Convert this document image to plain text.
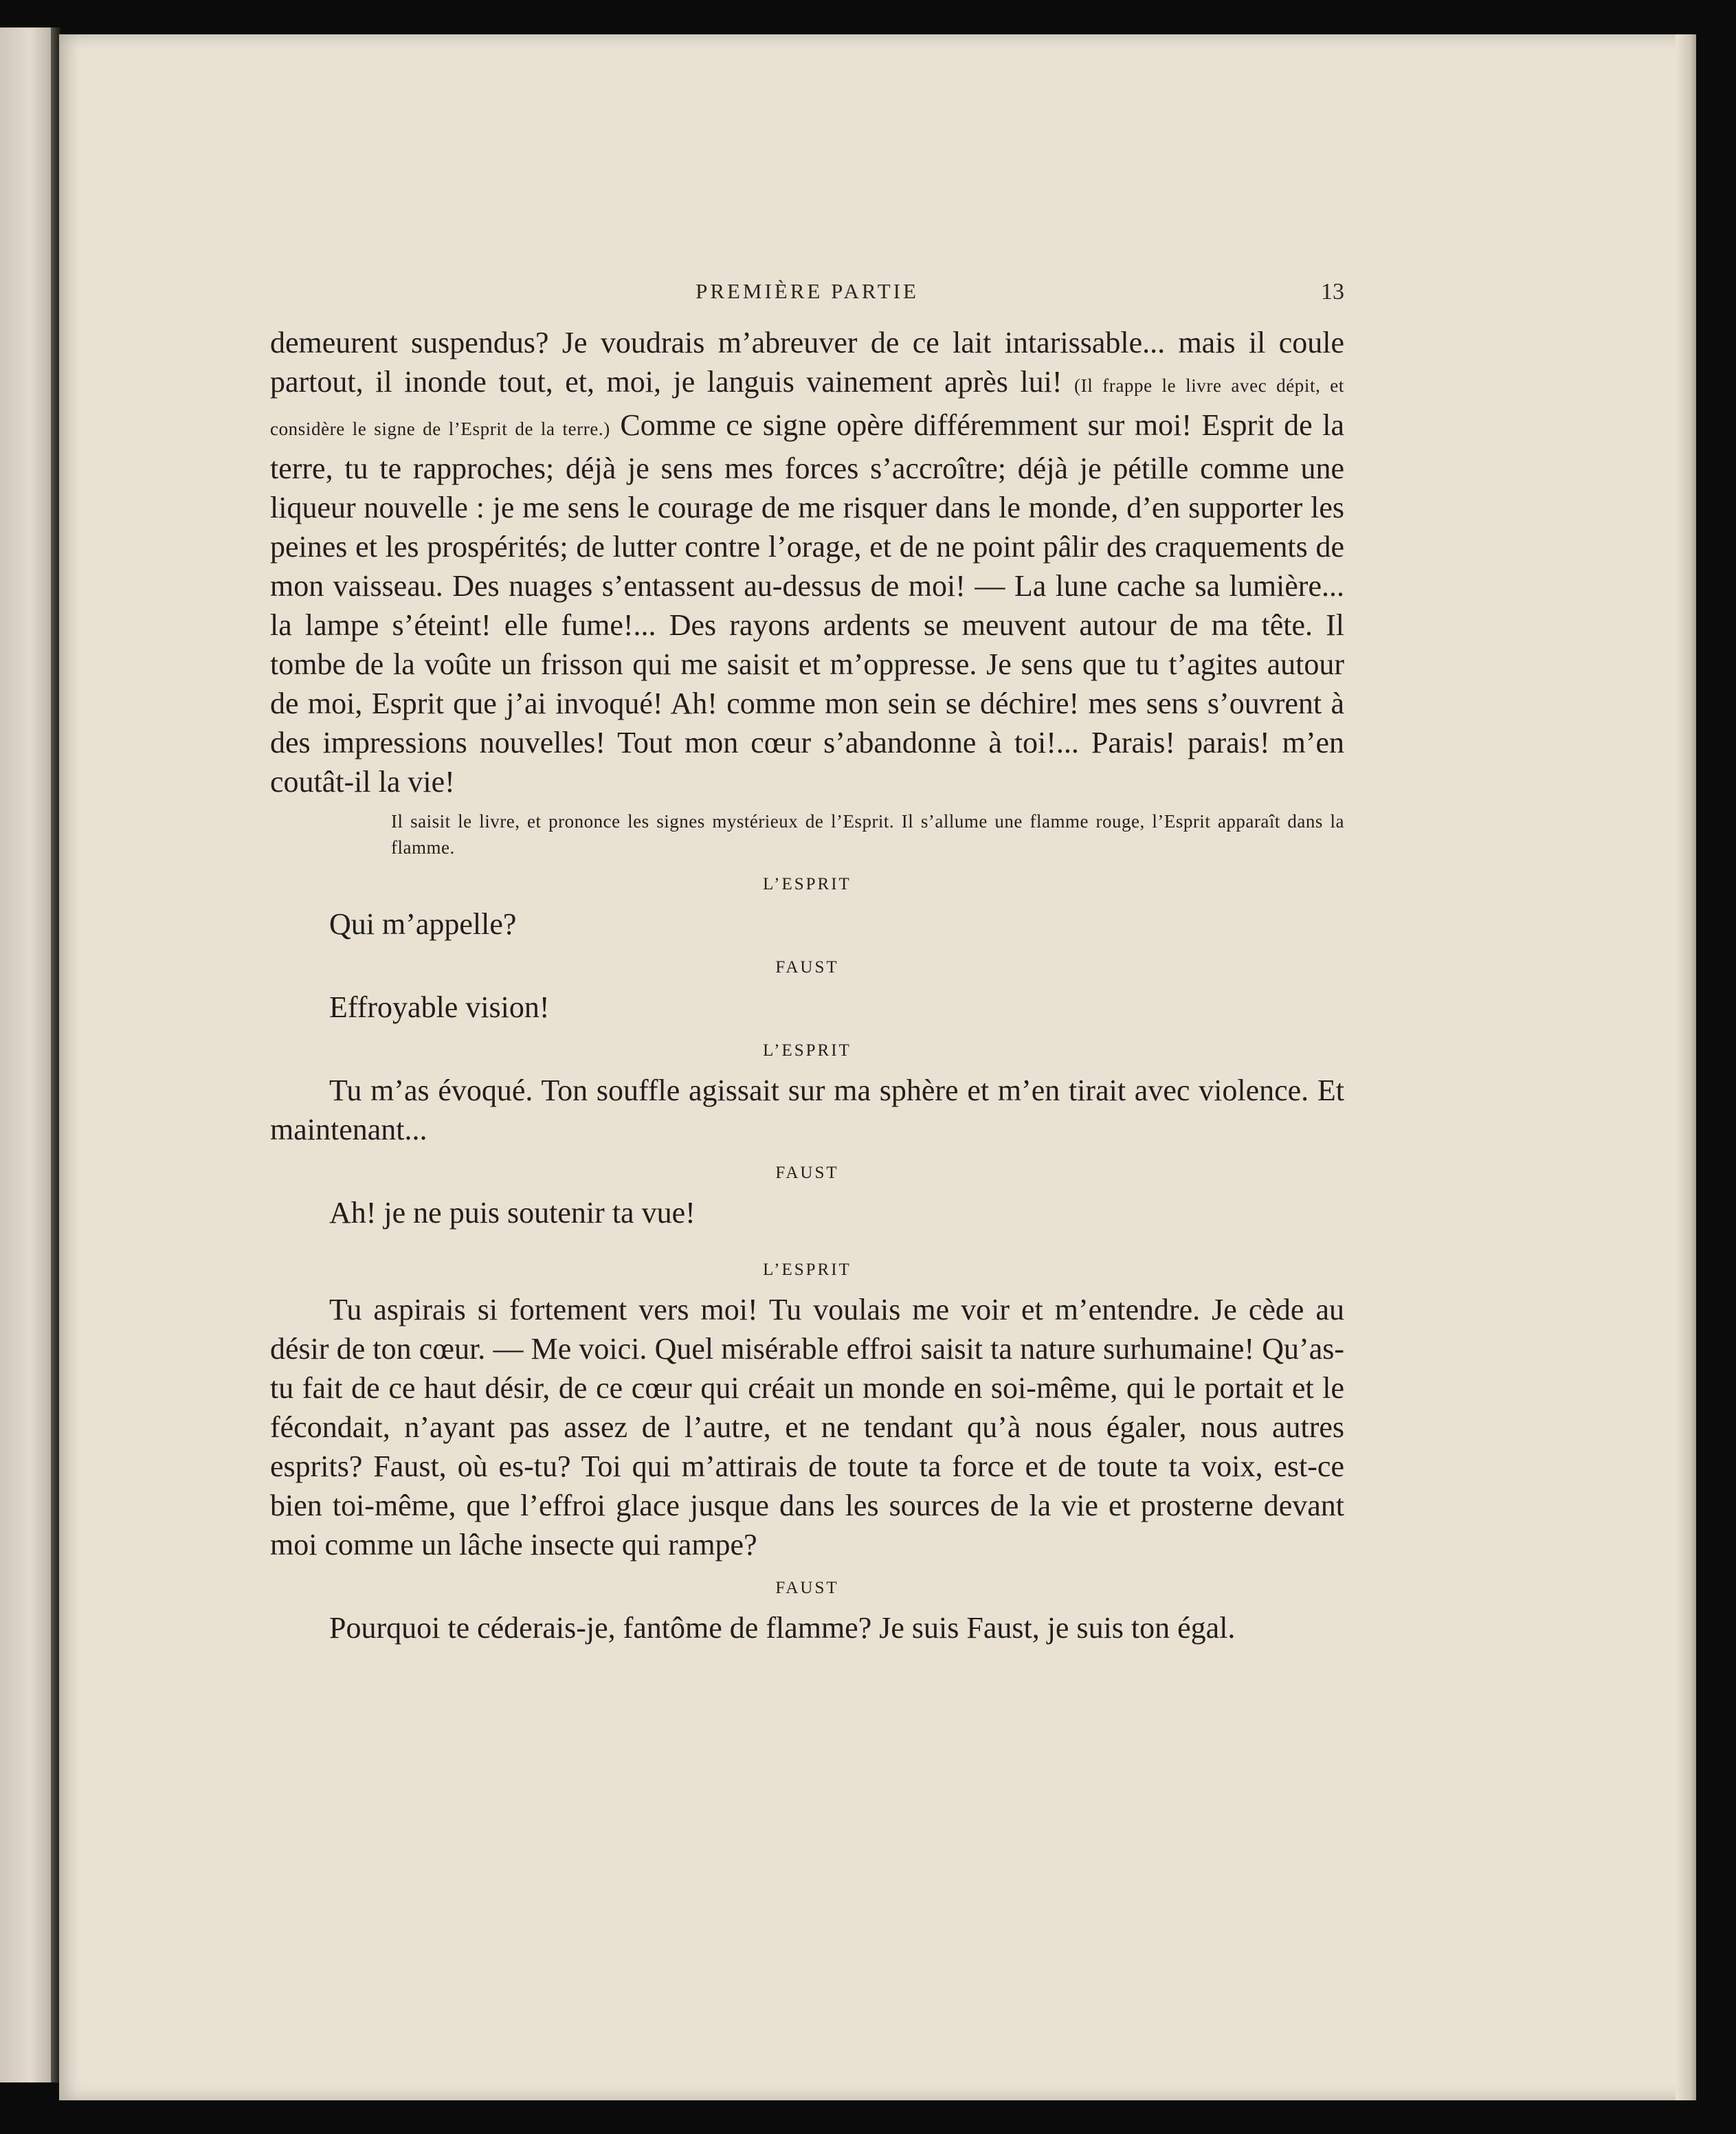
PREMIÈRE PARTIE	13

demeurent suspendus? Je voudrais m’abreuver de ce lait intarissable... mais il coule partout, il inonde tout, et, moi, je languis vainement après lui! (Il frappe le livre avec dépit, et considère le signe de l’Esprit de la terre.) Comme ce signe opère différemment sur moi! Esprit de la terre, tu te rapproches; déjà je sens mes forces s’accroître; déjà je pétille comme une liqueur nouvelle : je me sens le courage de me risquer dans le monde, d’en supporter les peines et les prospérités; de lutter contre l’orage, et de ne point pâlir des craquements de mon vaisseau. Des nuages s’entassent au-dessus de moi! — La lune cache sa lumière... la lampe s’éteint! elle fume!... Des rayons ardents se meuvent autour de ma tête. Il tombe de la voûte un frisson qui me saisit et m’oppresse. Je sens que tu t’agites autour de moi, Esprit que j’ai invoqué! Ah! comme mon sein se déchire! mes sens s’ouvrent à des impressions nouvelles! Tout mon cœur s’abandonne à toi!... Parais! parais! m’en coutât-il la vie!

Il saisit le livre, et prononce les signes mystérieux de l’Esprit. Il s’allume une flamme rouge, l’Esprit apparaît dans la flamme.
L’ESPRIT

Qui m’appelle?

FAUST

Effroyable vision!

L’ESPRIT

Tu m’as évoqué. Ton souffle agissait sur ma sphère et m’en tirait avec violence. Et maintenant...

FAUST

Ah! je ne puis soutenir ta vue!

L’ESPRIT

Tu aspirais si fortement vers moi! Tu voulais me voir et m’entendre. Je cède au désir de ton cœur. — Me voici. Quel misérable effroi saisit ta nature surhumaine! Qu’as-tu fait de ce haut désir, de ce cœur qui créait un monde en soi-même, qui le portait et le fécondait, n’ayant pas assez de l’autre, et ne tendant qu’à nous égaler, nous autres esprits? Faust, où es-tu? Toi qui m’attirais de toute ta force et de toute ta voix, est-ce bien toi-même, que l’effroi glace jusque dans les sources de la vie et prosterne devant moi comme un lâche insecte qui rampe?

FAUST

Pourquoi te céderais-je, fantôme de flamme? Je suis Faust, je suis ton égal.
